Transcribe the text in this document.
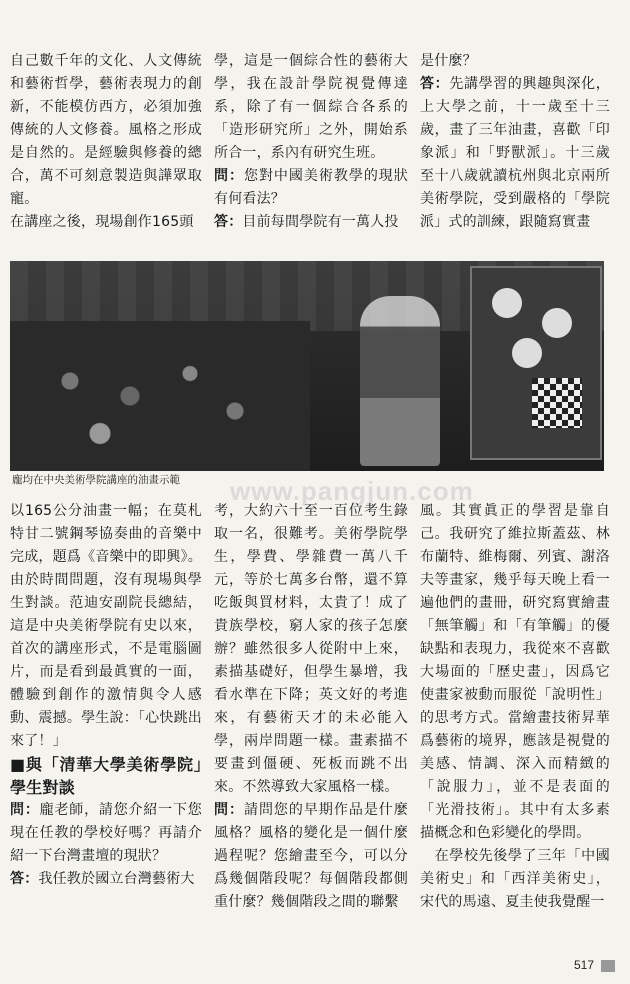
自己數千年的文化、人文傳統和藝術哲學，藝術表現力的創新，不能模仿西方，必須加強傳統的人文修養。風格之形成是自然的。是經驗與修養的總合，萬不可刻意製造與譁眾取寵。

在講座之後，現場創作165頭

學，這是一個綜合性的藝術大學，我在設計學院視覺傳達系，除了有一個綜合各系的「造形研究所」之外，開始系所合一，系內有研究生班。

問：您對中國美術教學的現狀有何看法？

答：目前每間學院有一萬人投

是什麼？

答：先講學習的興趣與深化，上大學之前，十一歲至十三歲，畫了三年油畫，喜歡「印象派」和「野獸派」。十三歲至十八歲就讀杭州與北京兩所美術學院，受到嚴格的「學院派」式的訓練，跟隨寫實畫

龐均在中央美術學院講座的油畫示範 www.pangjun.com

以165公分油畫一幅；在莫札特甘二號鋼琴協奏曲的音樂中完成，題爲《音樂中的即興》。由於時間問題，沒有現場與學生對談。范迪安副院長總結，這是中央美術學院有史以來，首次的講座形式，不是電腦圖片，而是看到最眞實的一面，體驗到創作的激情與令人感動、震撼。學生說：「心快跳出來了！」

■與「清華大學美術學院」學生對談

問：龐老師，請您介紹一下您現在任教的學校好嗎？再請介紹一下台灣畫壇的現狀？

答：我任教於國立台灣藝術大

考，大約六十至一百位考生錄取一名，很難考。美術學院學生，學費、學雜費一萬八千元，等於七萬多台幣，還不算吃飯與買材料，太貴了！成了貴族學校，窮人家的孩子怎麼辦？雖然很多人從附中上來，素描基礎好，但學生暴增，我看水準在下降；英文好的考進來，有藝術天才的未必能入學，兩岸問題一樣。畫素描不要畫到僵硬、死板而跳不出來。不然導致大家風格一樣。

問：請問您的早期作品是什麼風格？風格的變化是一個什麼過程呢？您繪畫至今，可以分爲幾個階段呢？每個階段都側重什麼？幾個階段之間的聯繫

風。其實眞正的學習是靠自己。我研究了維拉斯蓋茲、林布蘭特、維梅爾、列賓、謝洛夫等畫家，幾乎每天晚上看一遍他們的畫冊，研究寫實繪畫「無筆觸」和「有筆觸」的優缺點和表現力，我從來不喜歡大場面的「歷史畫」，因爲它使畫家被動而服從「說明性」的思考方式。當繪畫技術昇華爲藝術的境界，應該是視覺的美感、情調、深入而精緻的「說服力」，並不是表面的「光滑技術」。其中有太多素描概念和色彩變化的學問。

　在學校先後學了三年「中國美術史」和「西洋美術史」，宋代的馬遠、夏圭使我覺醒一

517
